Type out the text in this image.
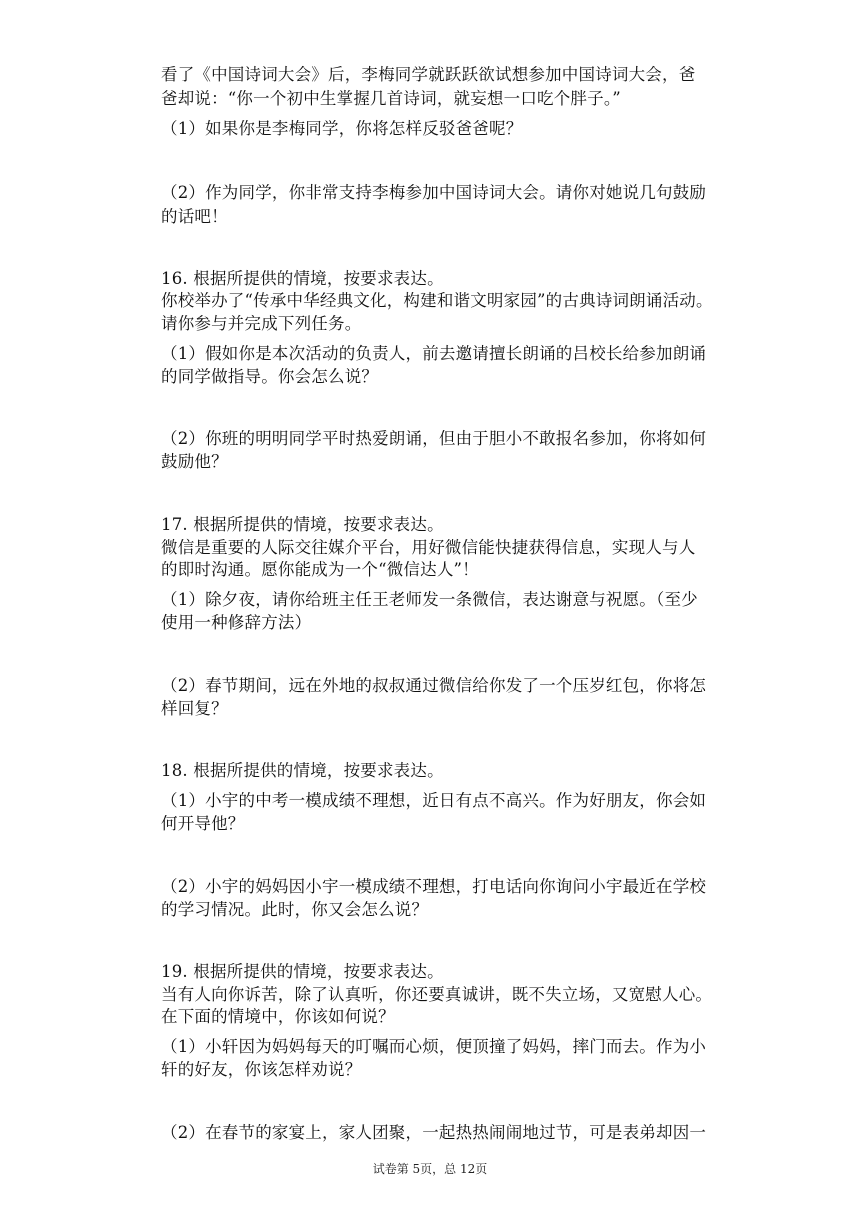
看了《中国诗词大会》后，李梅同学就跃跃欲试想参加中国诗词大会，爸
爸却说：“你一个初中生掌握几首诗词，就妄想一口吃个胖子。”
（1）如果你是李梅同学，你将怎样反驳爸爸呢？
（2）作为同学，你非常支持李梅参加中国诗词大会。请你对她说几句鼓励
的话吧！
16. 根据所提供的情境，按要求表达。
你校举办了“传承中华经典文化，构建和谐文明家园”的古典诗词朗诵活动。
请你参与并完成下列任务。
（1）假如你是本次活动的负责人，前去邀请擅长朗诵的吕校长给参加朗诵
的同学做指导。你会怎么说？
（2）你班的明明同学平时热爱朗诵，但由于胆小不敢报名参加，你将如何
鼓励他？
17. 根据所提供的情境，按要求表达。
微信是重要的人际交往媒介平台，用好微信能快捷获得信息，实现人与人
的即时沟通。愿你能成为一个“微信达人”！
（1）除夕夜，请你给班主任王老师发一条微信，表达谢意与祝愿。（至少
使用一种修辞方法）
（2）春节期间，远在外地的叔叔通过微信给你发了一个压岁红包，你将怎
样回复？
18. 根据所提供的情境，按要求表达。
（1）小宇的中考一模成绩不理想，近日有点不高兴。作为好朋友，你会如
何开导他？
（2）小宇的妈妈因小宇一模成绩不理想，打电话向你询问小宇最近在学校
的学习情况。此时，你又会怎么说？
19. 根据所提供的情境，按要求表达。
当有人向你诉苦，除了认真听，你还要真诚讲，既不失立场，又宽慰人心。
在下面的情境中，你该如何说？
（1）小轩因为妈妈每天的叮嘱而心烦，便顶撞了妈妈，摔门而去。作为小
轩的好友，你该怎样劝说？
（2）在春节的家宴上，家人团聚，一起热热闹闹地过节，可是表弟却因一
试卷第 5页，总 12页
